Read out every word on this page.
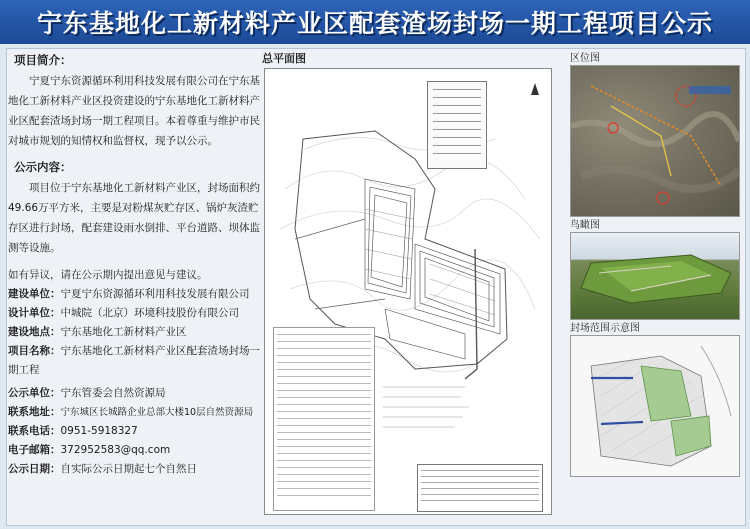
宁东基地化工新材料产业区配套渣场封场一期工程项目公示
项目简介：

宁夏宁东资源循环利用科技发展有限公司在宁东基地化工新材料产业区投资建设的宁东基地化工新材料产业区配套渣场封场一期工程项目。本着尊重与维护市民对城市规划的知情权和监督权，现予以公示。

公示内容：

项目位于宁东基地化工新材料产业区，封场面积约49.66万平方米，主要是对粉煤灰贮存区、锅炉灰渣贮存区进行封场，配套建设雨水倒排、平台道路、坝体监测等设施。

如有异议，请在公示期内提出意见与建议。
建设单位：宁夏宁东资源循环利用科技发展有限公司
设计单位：中城院（北京）环境科技股份有限公司
建设地点：宁东基地化工新材料产业区
项目名称：宁东基地化工新材料产业区配套渣场封场一期工程
公示单位：宁东管委会自然资源局
联系地址：宁东城区长城路企业总部大楼10层自然资源局
联系电话：0951-5918327
电子邮箱：372952583@qq.com
公示日期：自实际公示日期起七个自然日
总平面图	区位图
鸟瞰图
封场范围示意图
